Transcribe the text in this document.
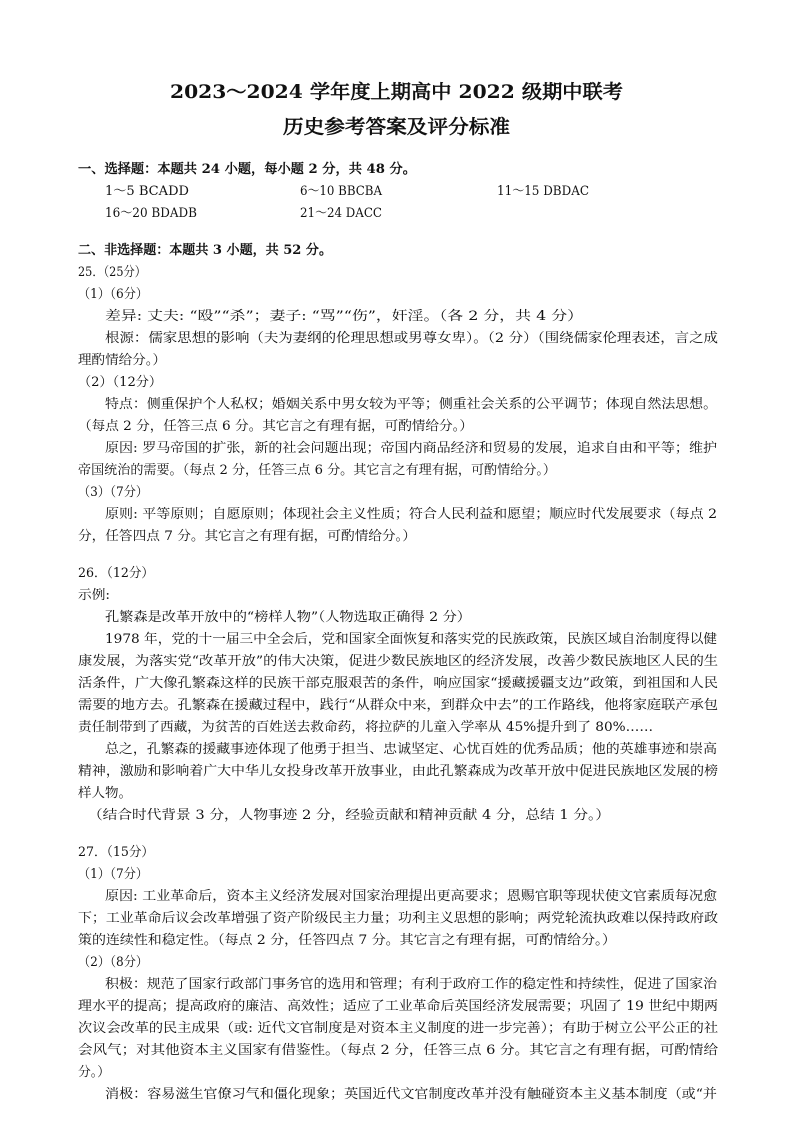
2023～2024 学年度上期高中 2022 级期中联考
历史参考答案及评分标准
一、选择题：本题共 24 小题，每小题 2 分，共 48 分。
1～5 BCADD	6～10 BBCBA	11～15 DBDAC
16～20 BDADB	21～24 DACC
二、非选择题：本题共 3 小题，共 52 分。
25．（25分）
（1）（6分）
差异: 丈夫: “殴”“杀”；妻子: “骂”“伤”，奸淫。（各 2 分，共 4 分）
根源：儒家思想的影响（夫为妻纲的伦理思想或男尊女卑）。（2 分）（围绕儒家伦理表述，言之成
理酌情给分。）
（2）（12分）
特点：侧重保护个人私权；婚姻关系中男女较为平等；侧重社会关系的公平调节；体现自然法思想。
（每点 2 分，任答三点 6 分。其它言之有理有据，可酌情给分。）
原因: 罗马帝国的扩张，新的社会问题出现；帝国内商品经济和贸易的发展，追求自由和平等；维护
帝国统治的需要。（每点 2 分，任答三点 6 分。其它言之有理有据，可酌情给分。）
（3）（7分）
原则: 平等原则；自愿原则；体现社会主义性质；符合人民利益和愿望；顺应时代发展要求（每点 2
分，任答四点 7 分。其它言之有理有据，可酌情给分。）
26．（12分）
示例:
孔繁森是改革开放中的“榜样人物”（人物选取正确得 2 分）
1978 年，党的十一届三中全会后，党和国家全面恢复和落实党的民族政策，民族区域自治制度得以健
康发展，为落实党“改革开放”的伟大决策，促进少数民族地区的经济发展，改善少数民族地区人民的生
活条件，广大像孔繁森这样的民族干部克服艰苦的条件，响应国家“援藏援疆支边”政策，到祖国和人民
需要的地方去。孔繁森在援藏过程中，践行“从群众中来，到群众中去”的工作路线，他将家庭联产承包
责任制带到了西藏，为贫苦的百姓送去救命药，将拉萨的儿童入学率从 45%提升到了 80%……
总之，孔繁森的援藏事迹体现了他勇于担当、忠诚坚定、心忧百姓的优秀品质；他的英雄事迹和崇高
精神，激励和影响着广大中华儿女投身改革开放事业，由此孔繁森成为改革开放中促进民族地区发展的榜
样人物。
（结合时代背景 3 分，人物事迹 2 分，经验贡献和精神贡献 4 分，总结 1 分。）
27．（15分）
（1）（7分）
原因: 工业革命后，资本主义经济发展对国家治理提出更高要求；恩赐官职等现状使文官素质每况愈
下；工业革命后议会改革增强了资产阶级民主力量；功利主义思想的影响；两党轮流执政难以保持政府政
策的连续性和稳定性。（每点 2 分，任答四点 7 分。其它言之有理有据，可酌情给分。）
（2）（8分）
积极：规范了国家行政部门事务官的选用和管理；有利于政府工作的稳定性和持续性，促进了国家治
理水平的提高；提高政府的廉洁、高效性；适应了工业革命后英国经济发展需要；巩固了 19 世纪中期两
次议会改革的民主成果（或: 近代文官制度是对资本主义制度的进一步完善）；有助于树立公平公正的社
会风气；对其他资本主义国家有借鉴性。（每点 2 分，任答三点 6 分。其它言之有理有据，可酌情给
分。）
消极：容易滋生官僚习气和僵化现象；英国近代文官制度改革并没有触碰资本主义基本制度（或“并
